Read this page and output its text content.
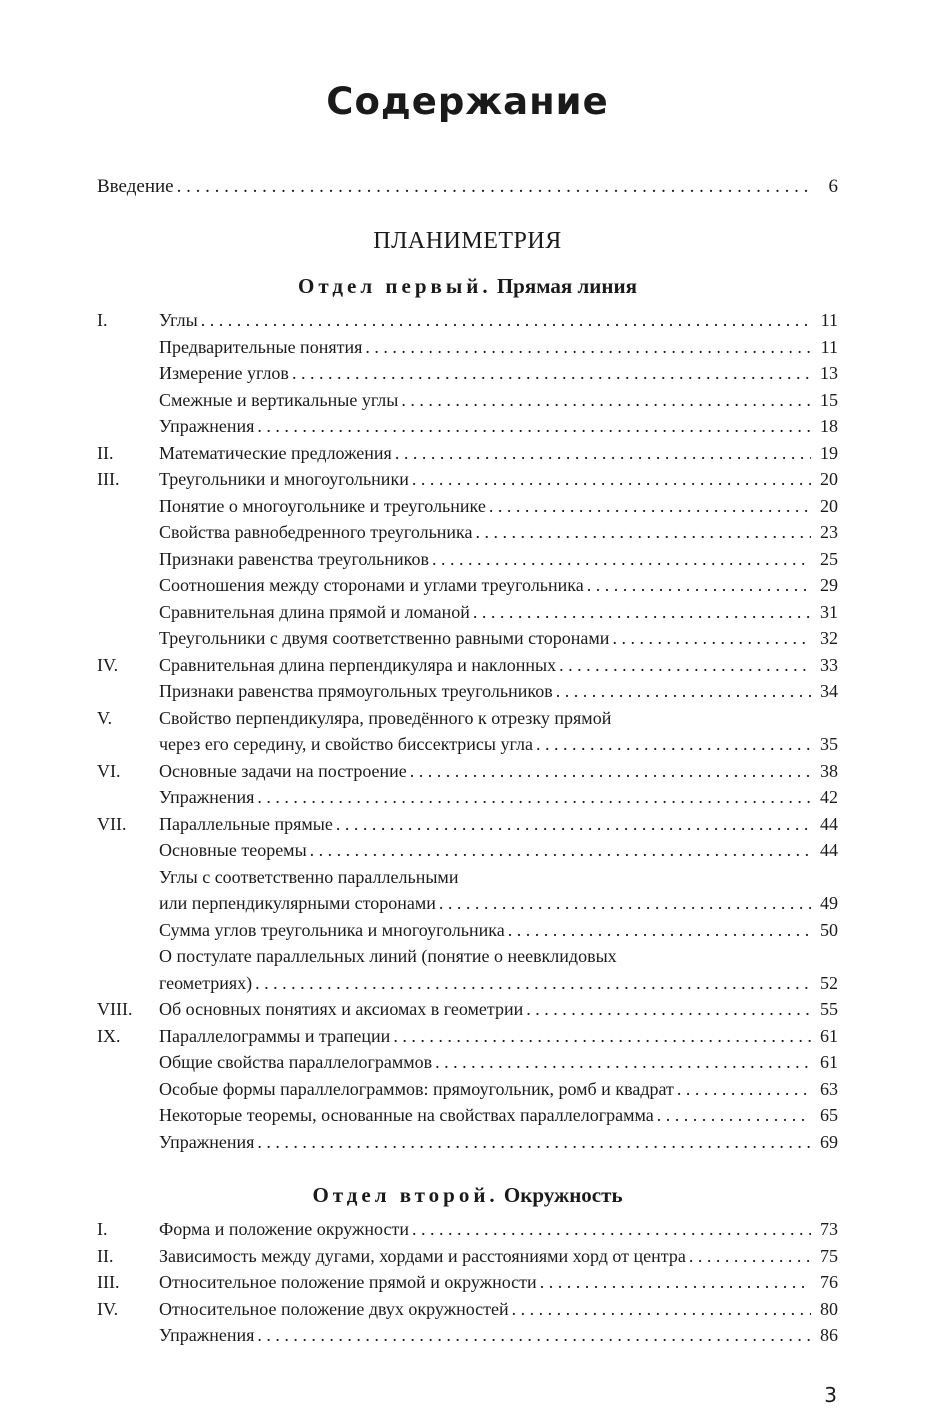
Содержание
Введение . . .	6
ПЛАНИМЕТРИЯ
Отдел первый. Прямая линия
I.	Углы . . .	11
Предварительные понятия . . .	11
Измерение углов . . .	13
Смежные и вертикальные углы . . .	15
Упражнения . . .	18
II.	Математические предложения . . .	19
III. Треугольники и многоугольники . . .	20
Понятие о многоугольнике и треугольнике . . .	20
Свойства равнобедренного треугольника . . .	23
Признаки равенства треугольников . . .	25
Соотношения между сторонами и углами треугольника . . .	29
Сравнительная длина прямой и ломаной . . .	31
Треугольники с двумя соответственно равными сторонами . . .	32
IV. Сравнительная длина перпендикуляра и наклонных . . .	33
Признаки равенства прямоугольных треугольников . . .	34
V.	Свойство перпендикуляра, проведённого к отрезку прямой
через его середину, и свойство биссектрисы угла . . .	35
VI. Основные задачи на построение . . .	38
Упражнения . . .	42
VII. Параллельные прямые . . .	44
Основные теоремы . . .	44
Углы с соответственно параллельными
или перпендикулярными сторонами . . .	49
Сумма углов треугольника и многоугольника . . .	50
О постулате параллельных линий (понятие о неевклидовых
геометриях) . . .	52
VIII. Об основных понятиях и аксиомах в геометрии . . .	55
IX. Параллелограммы и трапеции . . .	61
Общие свойства параллелограммов . . .	61
Особые формы параллелограммов: прямоугольник, ромб и квадрат . . .	63
Некоторые теоремы, основанные на свойствах параллелограмма . . .	65
Упражнения . . .	69
Отдел второй. Окружность
I.	Форма и положение окружности . . .	73
II.	Зависимость между дугами, хордами и расстояниями хорд от центра . . .	75
III. Относительное положение прямой и окружности . . .	76
IV. Относительное положение двух окружностей . . .	80
Упражнения . . .	86
3
